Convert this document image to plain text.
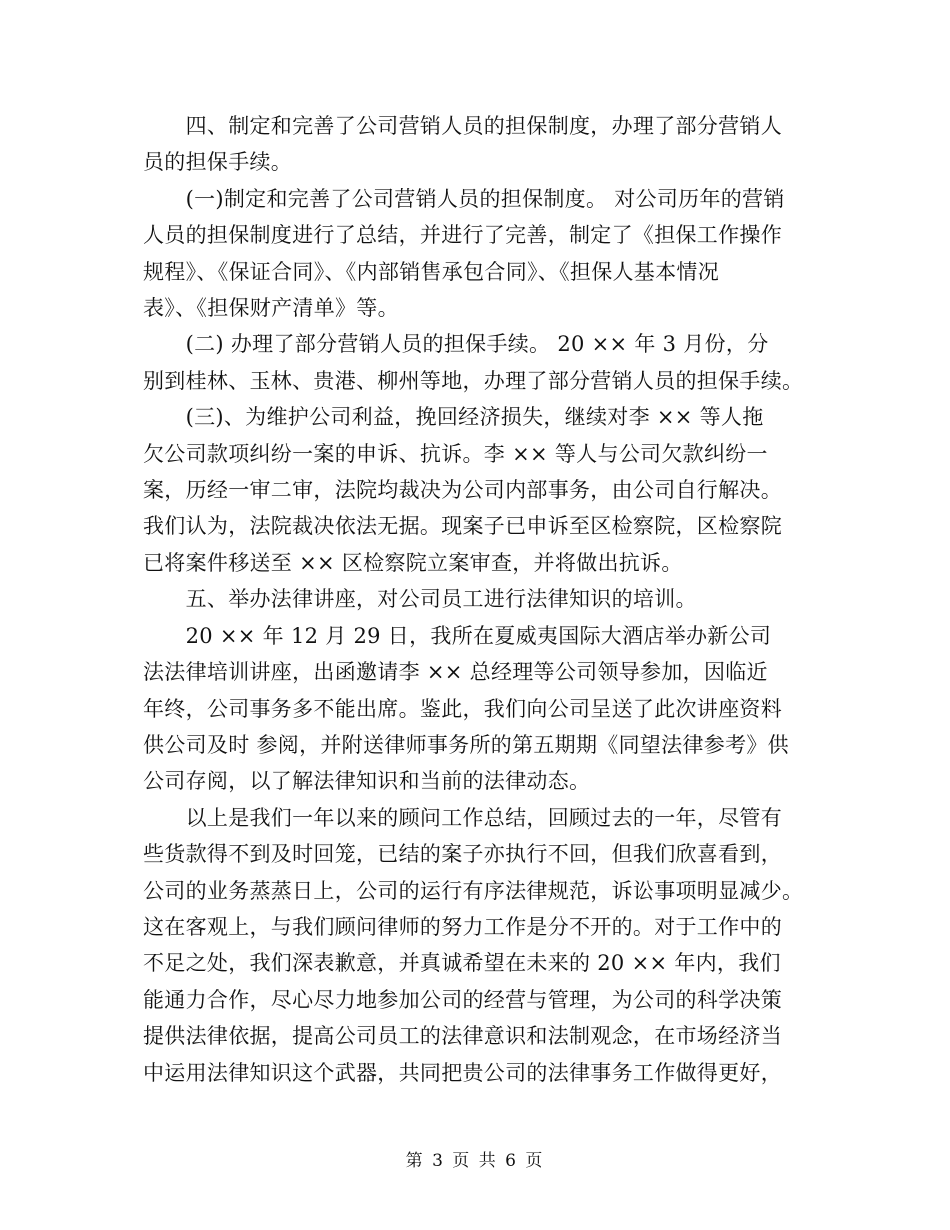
　　四、制定和完善了公司营销人员的担保制度，办理了部分营销人
员的担保手续。
　　(一)制定和完善了公司营销人员的担保制度。 对公司历年的营销
人员的担保制度进行了总结，并进行了完善，制定了《担保工作操作
规程》、《保证合同》、《内部销售承包合同》、《担保人基本情况
表》、《担保财产清单》等。
　　(二) 办理了部分营销人员的担保手续。 20 ×× 年 3 月份，分
别到桂林、玉林、贵港、柳州等地，办理了部分营销人员的担保手续。
　　(三)、为维护公司利益，挽回经济损失，继续对李 ×× 等人拖
欠公司款项纠纷一案的申诉、抗诉。李 ×× 等人与公司欠款纠纷一
案，历经一审二审，法院均裁决为公司内部事务，由公司自行解决。
我们认为，法院裁决依法无据。现案子已申诉至区检察院，区检察院
已将案件移送至 ×× 区检察院立案审查，并将做出抗诉。
　　五、举办法律讲座，对公司员工进行法律知识的培训。
　　20 ×× 年 12 月 29 日，我所在夏威夷国际大酒店举办新公司
法法律培训讲座，出函邀请李 ×× 总经理等公司领导参加，因临近
年终，公司事务多不能出席。鉴此，我们向公司呈送了此次讲座资料
供公司及时 参阅，并附送律师事务所的第五期期《同望法律参考》供
公司存阅，以了解法律知识和当前的法律动态。
　　以上是我们一年以来的顾问工作总结，回顾过去的一年，尽管有
些货款得不到及时回笼，已结的案子亦执行不回，但我们欣喜看到，
公司的业务蒸蒸日上，公司的运行有序法律规范，诉讼事项明显减少。
这在客观上，与我们顾问律师的努力工作是分不开的。对于工作中的
不足之处，我们深表歉意，并真诚希望在未来的 20 ×× 年内，我们
能通力合作，尽心尽力地参加公司的经营与管理，为公司的科学决策
提供法律依据，提高公司员工的法律意识和法制观念，在市场经济当
中运用法律知识这个武器，共同把贵公司的法律事务工作做得更好，
第 3 页 共 6 页
